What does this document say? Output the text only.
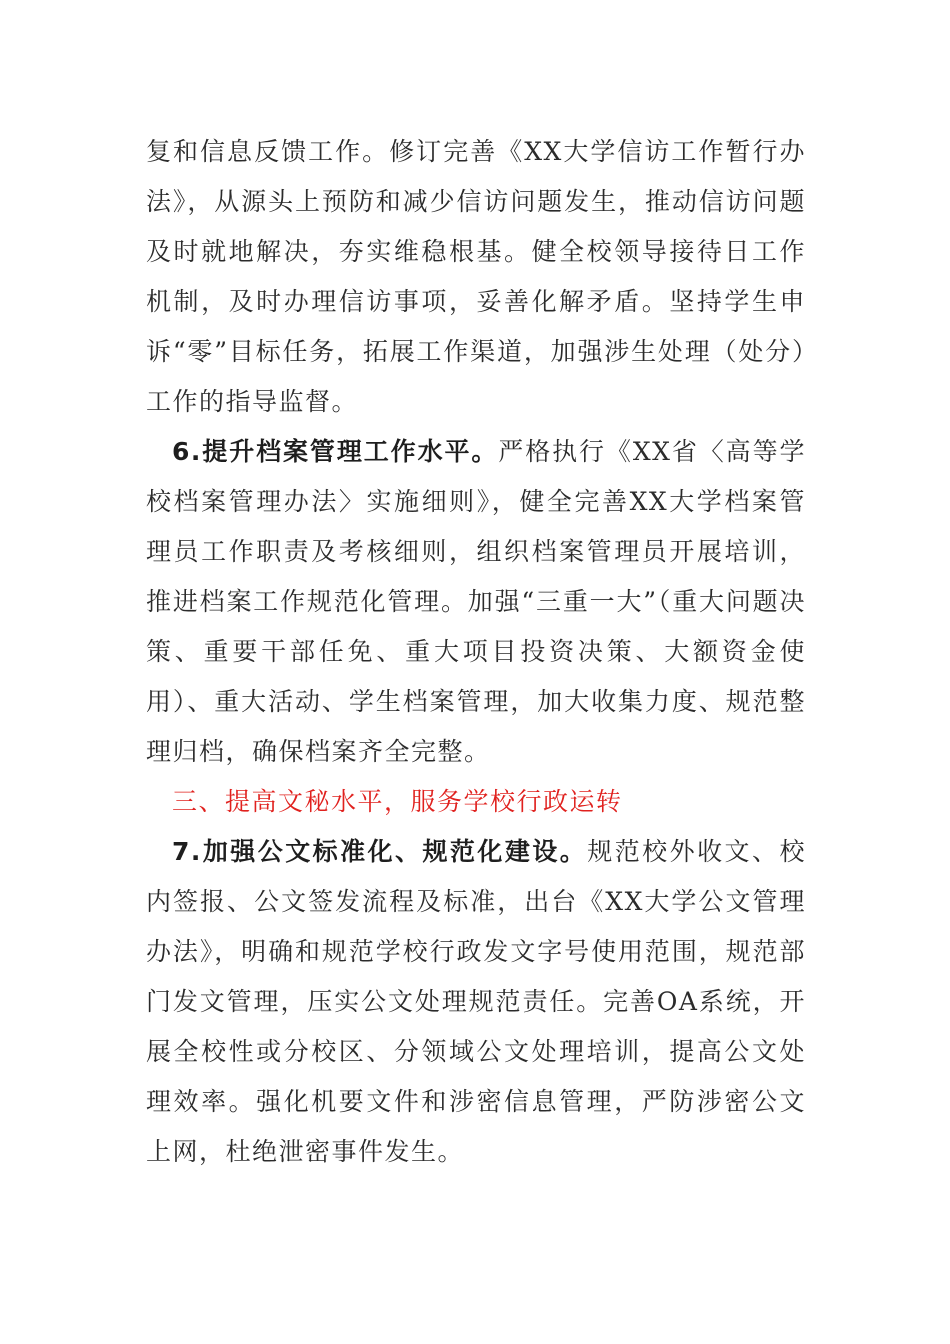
复和信息反馈工作。修订完善《XX大学信访工作暂行办法》，从源头上预防和减少信访问题发生，推动信访问题及时就地解决，夯实维稳根基。健全校领导接待日工作机制，及时办理信访事项，妥善化解矛盾。坚持学生申诉“零”目标任务，拓展工作渠道，加强涉生处理（处分）工作的指导监督。

6.提升档案管理工作水平。严格执行《XX省〈高等学校档案管理办法〉实施细则》，健全完善XX大学档案管理员工作职责及考核细则，组织档案管理员开展培训，推进档案工作规范化管理。加强“三重一大”（重大问题决策、重要干部任免、重大项目投资决策、大额资金使用）、重大活动、学生档案管理，加大收集力度、规范整理归档，确保档案齐全完整。

三、提高文秘水平，服务学校行政运转

7.加强公文标准化、规范化建设。规范校外收文、校内签报、公文签发流程及标准，出台《XX大学公文管理办法》，明确和规范学校行政发文字号使用范围，规范部门发文管理，压实公文处理规范责任。完善OA系统，开展全校性或分校区、分领域公文处理培训，提高公文处理效率。强化机要文件和涉密信息管理，严防涉密公文上网，杜绝泄密事件发生。
